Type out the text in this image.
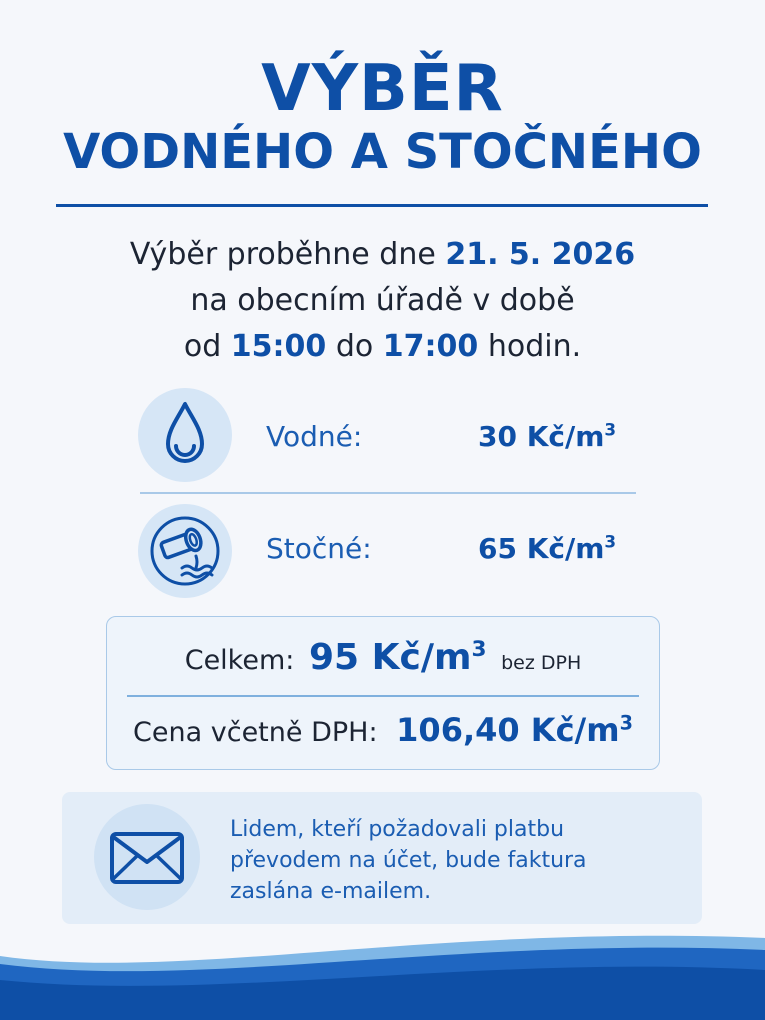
VÝBĚR
VODNÉHO A STOČNÉHO
Výběr proběhne dne 21. 5. 2026
na obecním úřadě v době
od 15:00 do 17:00 hodin.
Vodné:	30 $Kč/m^3$
Stočné:	65 $Kč/m^3$
Celkem: 95 $Kč/m^3$ bez DPH
Cena včetně DPH: 106,40 $Kč/m^3$
Lidem, kteří požadovali platbu
převodem na účet, bude faktura
zaslána e-mailem.
